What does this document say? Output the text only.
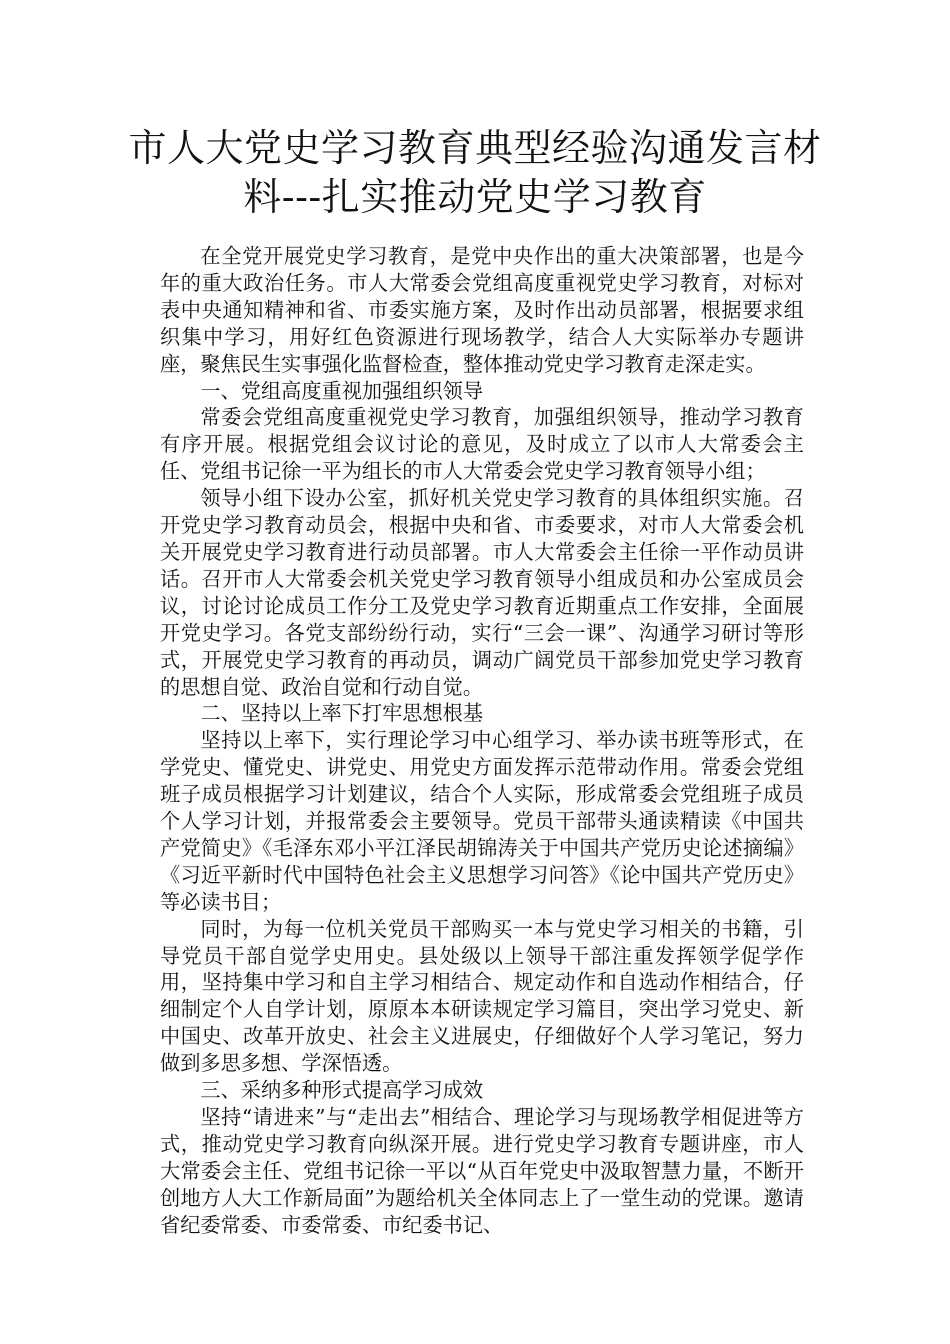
市人大党史学习教育典型经验沟通发言材
料---扎实推动党史学习教育

在全党开展党史学习教育，是党中央作出的重大决策部署，也是今年的重大政治任务。市人大常委会党组高度重视党史学习教育，对标对表中央通知精神和省、市委实施方案，及时作出动员部署，根据要求组织集中学习，用好红色资源进行现场教学，结合人大实际举办专题讲座，聚焦民生实事强化监督检查，整体推动党史学习教育走深走实。

一、党组高度重视加强组织领导

常委会党组高度重视党史学习教育，加强组织领导，推动学习教育有序开展。根据党组会议讨论的意见，及时成立了以市人大常委会主任、党组书记徐一平为组长的市人大常委会党史学习教育领导小组；

领导小组下设办公室，抓好机关党史学习教育的具体组织实施。召开党史学习教育动员会，根据中央和省、市委要求，对市人大常委会机关开展党史学习教育进行动员部署。市人大常委会主任徐一平作动员讲话。召开市人大常委会机关党史学习教育领导小组成员和办公室成员会议，讨论讨论成员工作分工及党史学习教育近期重点工作安排，全面展开党史学习。各党支部纷纷行动，实行“三会一课”、沟通学习研讨等形式，开展党史学习教育的再动员，调动广阔党员干部参加党史学习教育的思想自觉、政治自觉和行动自觉。

二、坚持以上率下打牢思想根基

坚持以上率下，实行理论学习中心组学习、举办读书班等形式，在学党史、懂党史、讲党史、用党史方面发挥示范带动作用。常委会党组班子成员根据学习计划建议，结合个人实际，形成常委会党组班子成员个人学习计划，并报常委会主要领导。党员干部带头通读精读《中国共产党简史》《毛泽东邓小平江泽民胡锦涛关于中国共产党历史论述摘编》《习近平新时代中国特色社会主义思想学习问答》《论中国共产党历史》等必读书目；

同时，为每一位机关党员干部购买一本与党史学习相关的书籍，引导党员干部自觉学史用史。县处级以上领导干部注重发挥领学促学作用，坚持集中学习和自主学习相结合、规定动作和自选动作相结合，仔细制定个人自学计划，原原本本研读规定学习篇目，突出学习党史、新中国史、改革开放史、社会主义进展史，仔细做好个人学习笔记，努力做到多思多想、学深悟透。

三、采纳多种形式提高学习成效

坚持“请进来”与“走出去”相结合、理论学习与现场教学相促进等方式，推动党史学习教育向纵深开展。进行党史学习教育专题讲座，市人大常委会主任、党组书记徐一平以“从百年党史中汲取智慧力量，不断开创地方人大工作新局面”为题给机关全体同志上了一堂生动的党课。邀请省纪委常委、市委常委、市纪委书记、
